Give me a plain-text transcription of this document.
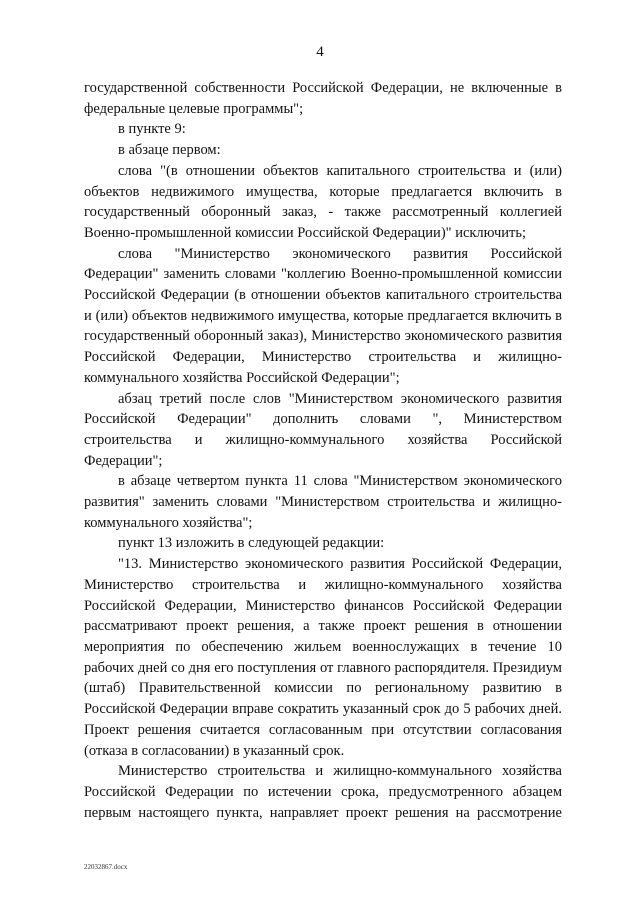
4

государственной собственности Российской Федерации, не включенные в федеральные целевые программы";

в пункте 9:

в абзаце первом:

слова "(в отношении объектов капитального строительства и (или) объектов недвижимого имущества, которые предлагается включить в государственный оборонный заказ, - также рассмотренный коллегией Военно-промышленной комиссии Российской Федерации)" исключить;

слова "Министерство экономического развития Российской Федерации" заменить словами "коллегию Военно-промышленной комиссии Российской Федерации (в отношении объектов капитального строительства и (или) объектов недвижимого имущества, которые предлагается включить в государственный оборонный заказ), Министерство экономического развития Российской Федерации, Министерство строительства и жилищно-коммунального хозяйства Российской Федерации";

абзац третий после слов "Министерством экономического развития Российской Федерации" дополнить словами ", Министерством строительства и жилищно-коммунального хозяйства Российской Федерации";

в абзаце четвертом пункта 11 слова "Министерством экономического развития" заменить словами "Министерством строительства и жилищно-коммунального хозяйства";

пункт 13 изложить в следующей редакции:

"13. Министерство экономического развития Российской Федерации, Министерство строительства и жилищно-коммунального хозяйства Российской Федерации, Министерство финансов Российской Федерации рассматривают проект решения, а также проект решения в отношении мероприятия по обеспечению жильем военнослужащих в течение 10 рабочих дней со дня его поступления от главного распорядителя. Президиум (штаб) Правительственной комиссии по региональному развитию в Российской Федерации вправе сократить указанный срок до 5 рабочих дней. Проект решения считается согласованным при отсутствии согласования (отказа в согласовании) в указанный срок.

Министерство строительства и жилищно-коммунального хозяйства Российской Федерации по истечении срока, предусмотренного абзацем первым настоящего пункта, направляет проект решения на рассмотрение

22032867.docx
